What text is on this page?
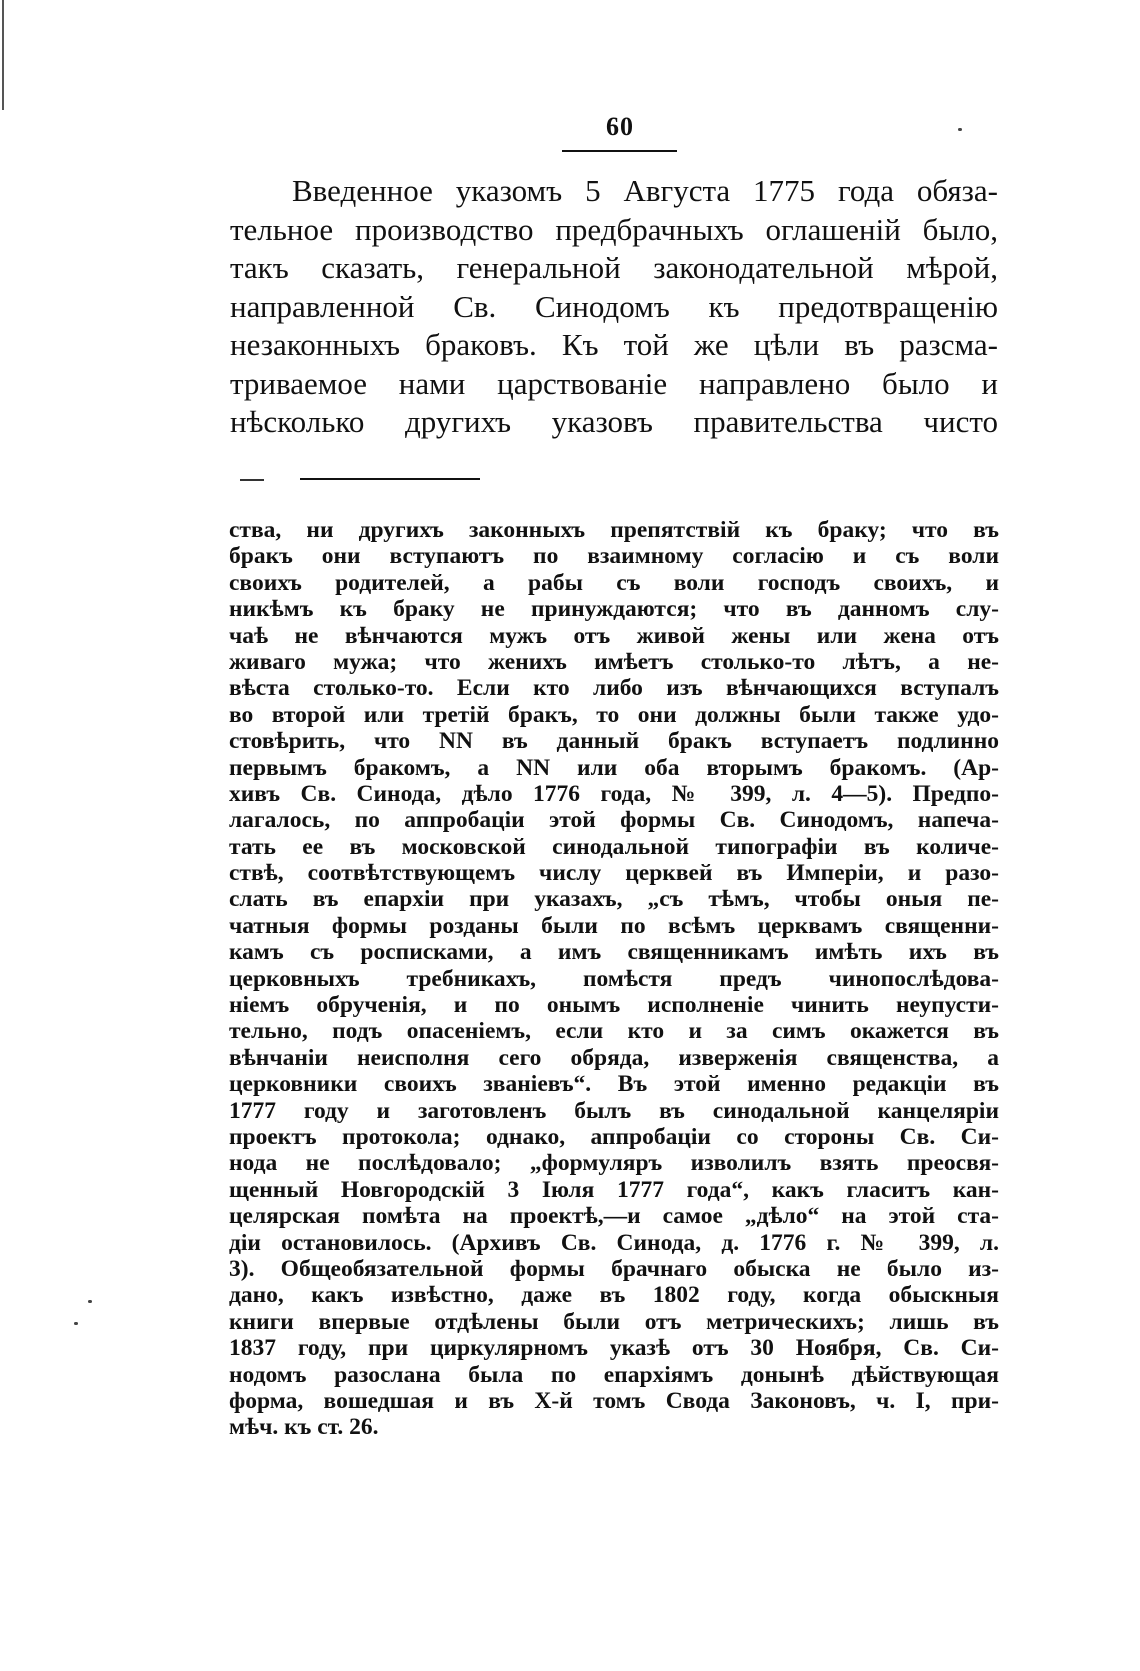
60
Введенное указомъ 5 Августа 1775 года обяза-
тельное производство предбрачныхъ оглашеній было,
такъ сказать, генеральной законодательной мѣрой,
направленной Св. Синодомъ къ предотвращенію
незаконныхъ браковъ. Къ той же цѣли въ разсма-
триваемое нами царствованіе направлено было и
нѣсколько другихъ указовъ правительства чисто
ства, ни другихъ законныхъ препятствій къ браку; что въ
бракъ они вступаютъ по взаимному согласію и съ воли
своихъ родителей, а рабы съ воли господъ своихъ, и
никѣмъ къ браку не принуждаются; что въ данномъ слу-
чаѣ не вѣнчаются мужъ отъ живой жены или жена отъ
живаго мужа; что женихъ имѣетъ столько-то лѣтъ, а не-
вѣста столько-то. Если кто либо изъ вѣнчающихся вступалъ
во второй или третій бракъ, то они должны были также удо-
стовѣрить, что NN въ данный бракъ вступаетъ подлинно
первымъ бракомъ, а NN или оба вторымъ бракомъ. (Ар-
хивъ Св. Синода, дѣло 1776 года, № 399, л. 4—5). Предпо-
лагалось, по аппробаціи этой формы Св. Синодомъ, напеча-
тать ее въ московской синодальной типографіи въ количе-
ствѣ, соотвѣтствующемъ числу церквей въ Имперіи, и разо-
слать въ епархіи при указахъ, „съ тѣмъ, чтобы оныя пе-
чатныя формы розданы были по всѣмъ церквамъ священни-
камъ съ росписками, а имъ священникамъ имѣть ихъ въ
церковныхъ требникахъ, помѣстя предъ чинопослѣдова-
ніемъ обрученія, и по онымъ исполненіе чинить неупусти-
тельно, подъ опасеніемъ, если кто и за симъ окажется въ
вѣнчаніи неисполня сего обряда, изверженія священства, а
церковники своихъ званіевъ“. Въ этой именно редакціи въ
1777 году и заготовленъ былъ въ синодальной канцеляріи
проектъ протокола; однако, аппробаціи со стороны Св. Си-
нода не послѣдовало; „формуляръ изволилъ взять преосвя-
щенный Новгородскій 3 Іюля 1777 года“, какъ гласитъ кан-
целярская помѣта на проектѣ,—и самое „дѣло“ на этой ста-
діи остановилось. (Архивъ Св. Синода, д. 1776 г. № 399, л.
3). Общеобязательной формы брачнаго обыска не было из-
дано, какъ извѣстно, даже въ 1802 году, когда обыскныя
книги впервые отдѣлены были отъ метрическихъ; лишь въ
1837 году, при циркулярномъ указѣ отъ 30 Ноября, Св. Си-
нодомъ разослана была по епархіямъ донынѣ дѣйствующая
форма, вошедшая и въ X-й томъ Свода Законовъ, ч. I, при-
мѣч. къ ст. 26.
